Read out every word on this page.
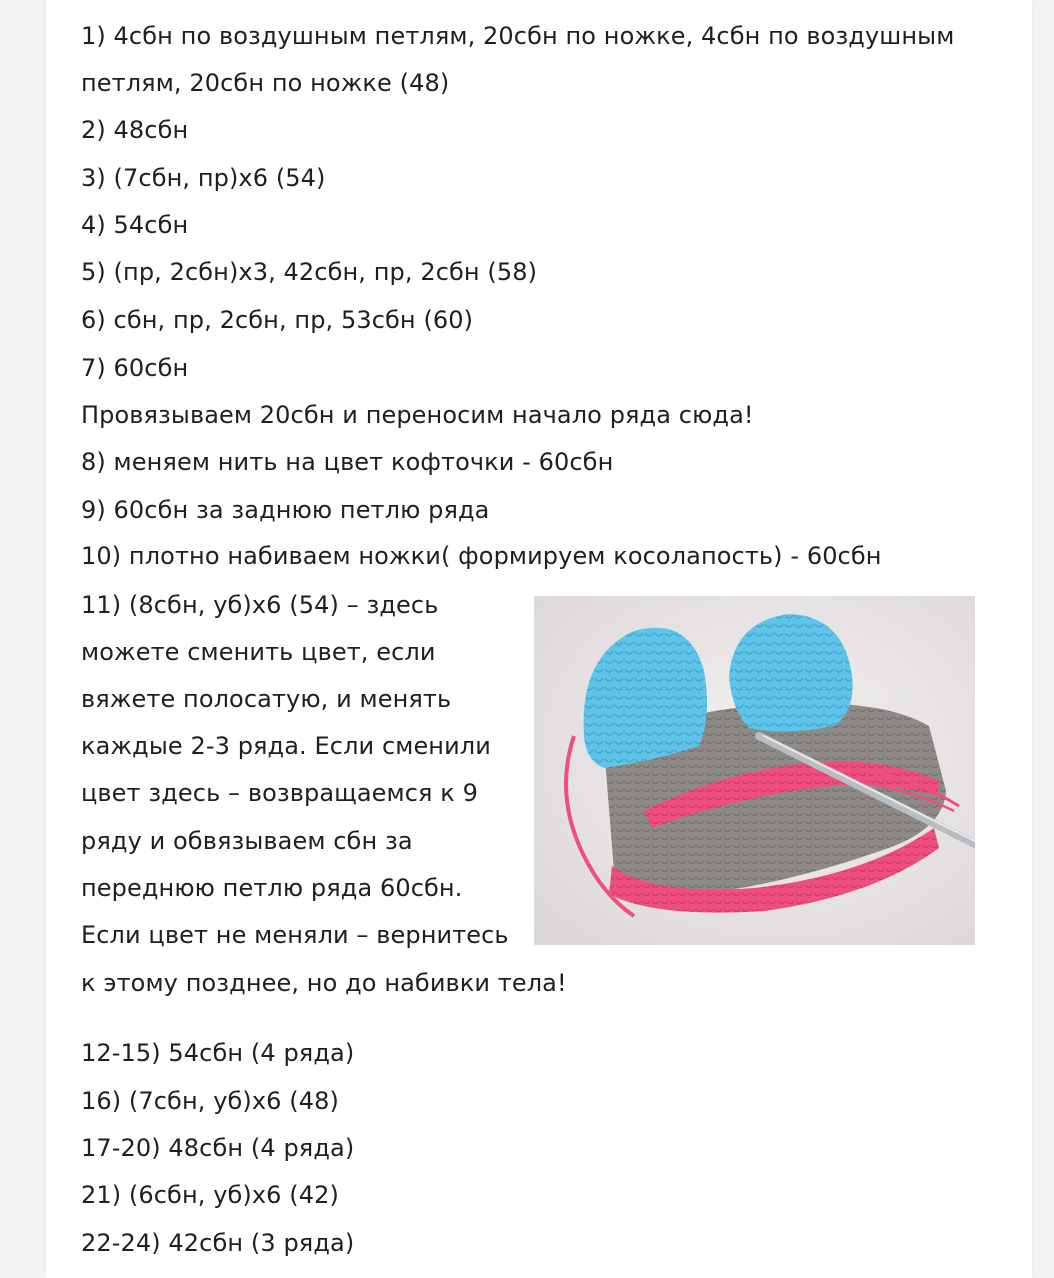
1) 4сбн по воздушным петлям, 20сбн по ножке, 4сбн по воздушным
петлям, 20сбн по ножке (48)
2) 48сбн
3) (7сбн, пр)х6 (54)
4) 54сбн
5) (пр, 2сбн)х3, 42сбн, пр, 2сбн (58)
6) сбн, пр, 2сбн, пр, 53сбн (60)
7) 60сбн
Провязываем 20сбн и переносим начало ряда сюда!
8) меняем нить на цвет кофточки - 60сбн
9) 60сбн за заднюю петлю ряда
10) плотно набиваем ножки( формируем косолапость) - 60сбн
11) (8сбн, уб)х6 (54) – здесь
можете сменить цвет, если
вяжете полосатую, и менять
каждые 2-3 ряда. Если сменили
цвет здесь – возвращаемся к 9
ряду и обвязываем сбн за
переднюю петлю ряда 60сбн.
Если цвет не меняли – вернитесь
к этому позднее, но до набивки тела!
12-15) 54сбн (4 ряда)
16) (7сбн, уб)х6 (48)
17-20) 48сбн (4 ряда)
21) (6сбн, уб)х6 (42)
22-24) 42сбн (3 ряда)
